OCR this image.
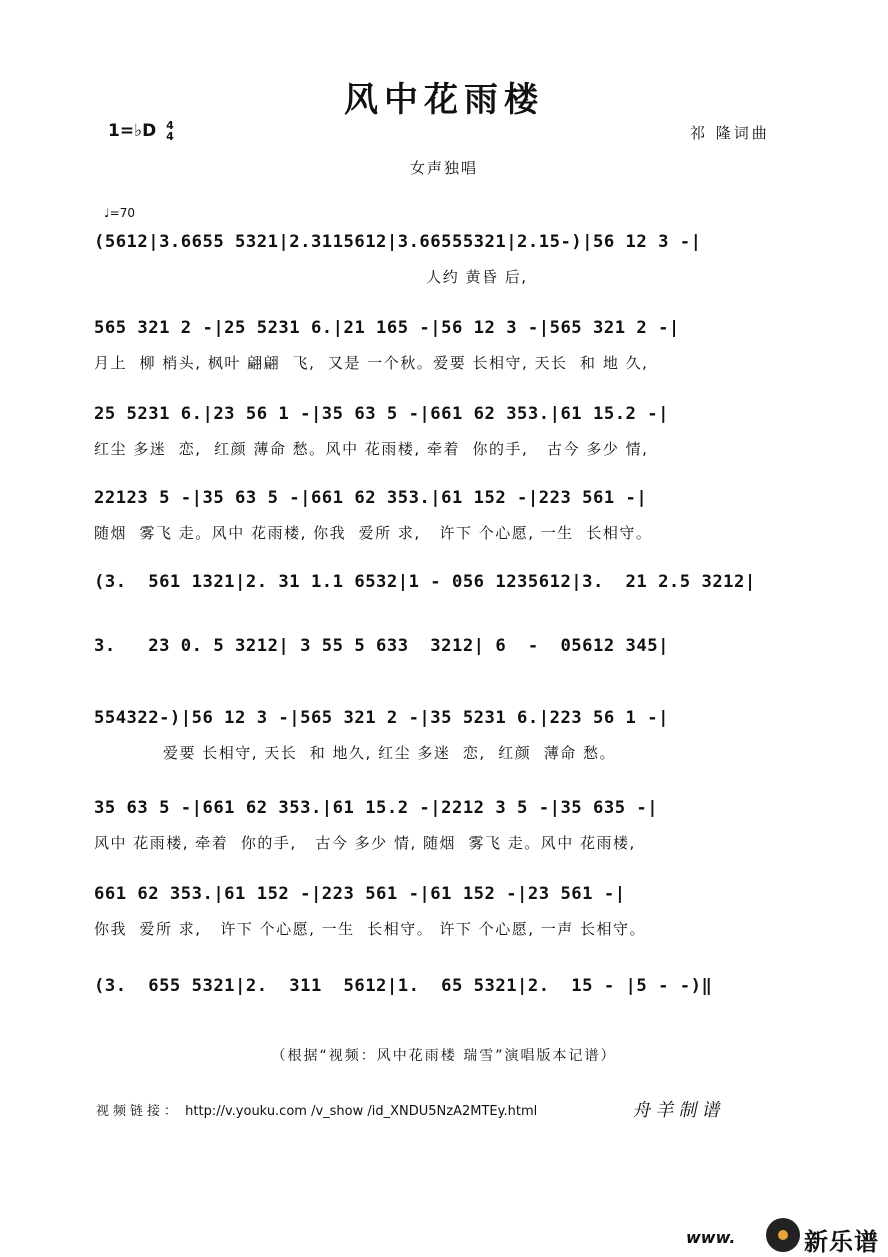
风中花雨楼
1=♭D 4
4	祁 隆词曲
女声独唱
♩=70
(5612|3.6655 5321|2.3115612|3.66555321|2.15-)|56 12 3 -|
人约 黄昏 后,
565 321 2 -|25 5231 6.|21 165 -|56 12 3 -|565 321 2 -|
月上  柳 梢头, 枫叶 翩翩  飞,  又是 一个秋。爱要 长相守, 天长  和 地 久,
25 5231 6.|23 56 1 -|35 63 5 -|661 62 353.|61 15.2 -|
红尘 多迷  恋,  红颜 薄命 愁。风中 花雨楼, 牵着  你的手,   古今 多少 情,
22123 5 -|35 63 5 -|661 62 353.|61 152 -|223 561 -|
随烟  雾飞 走。风中 花雨楼, 你我  爱所 求,   许下 个心愿, 一生  长相守。
(3.  561 1321|2. 31 1.1 6532|1 - 056 1235612|3.  21 2.5 3212|
3.   23 0. 5 3212| 3 55 5 633  3212| 6  -  05612 345|
554322-)|56 12 3 -|565 321 2 -|35 5231 6.|223 56 1 -|
爱要 长相守, 天长  和 地久, 红尘 多迷  恋,  红颜  薄命 愁。
35 63 5 -|661 62 353.|61 15.2 -|2212 3 5 -|35 635 -|
风中 花雨楼, 牵着  你的手,   古今 多少 情, 随烟  雾飞 走。风中 花雨楼,
661 62 353.|61 152 -|223 561 -|61 152 -|23 561 -|
你我  爱所 求,   许下 个心愿, 一生  长相守。 许下 个心愿, 一声 长相守。
(3.  655 5321|2.  311  5612|1.  65 5321|2.  15 - |5 - -)‖
（根据“视频：风中花雨楼 瑞雪”演唱版本记谱）
视频链接： http://v.youku.com /v_show /id_XNDU5NzA2MTEy.html	舟羊制谱
www.	新乐谱
